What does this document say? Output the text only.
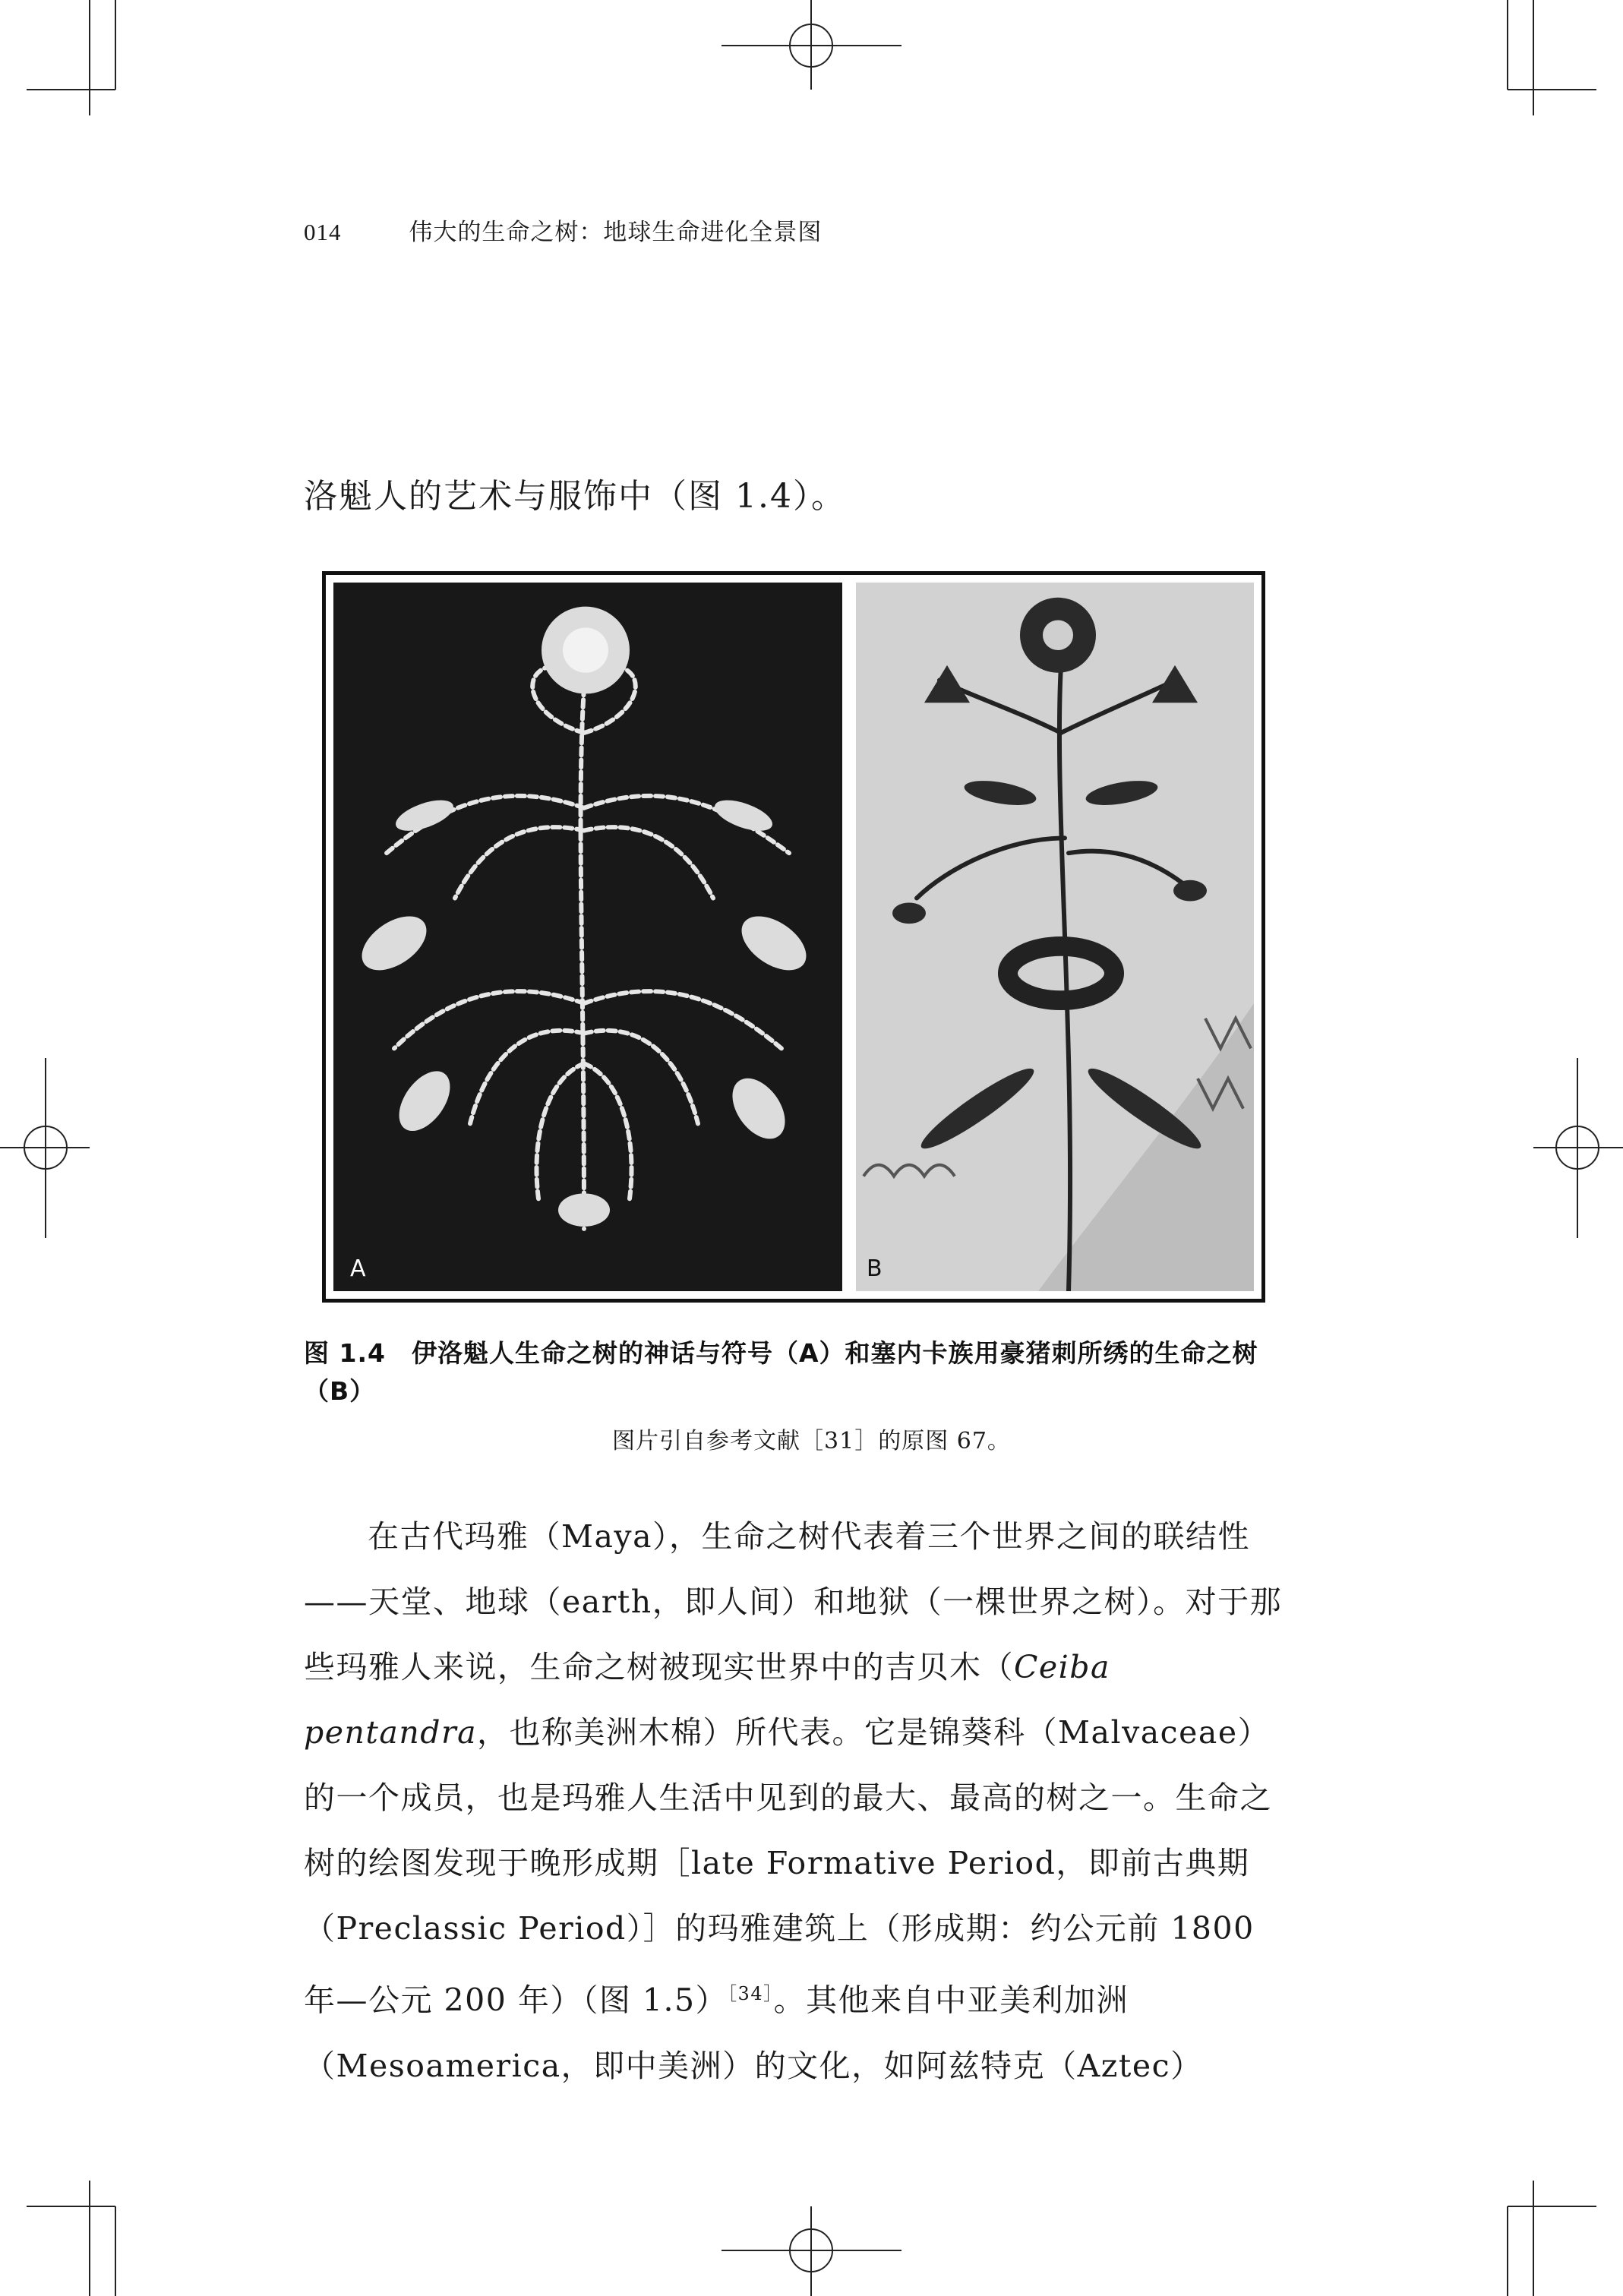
014	伟大的生命之树：地球生命进化全景图
洛魁人的艺术与服饰中（图 1.4）。
A	B
图 1.4　伊洛魁人生命之树的神话与符号（A）和塞内卡族用豪猪刺所绣的生命之树（B）
图片引自参考文献［31］的原图 67。

在古代玛雅（Maya），生命之树代表着三个世界之间的联结性——天堂、地球（earth，即人间）和地狱（一棵世界之树）。对于那些玛雅人来说，生命之树被现实世界中的吉贝木（Ceiba pentandra，也称美洲木棉）所代表。它是锦葵科（Malvaceae）的一个成员，也是玛雅人生活中见到的最大、最高的树之一。生命之树的绘图发现于晚形成期［late Formative Period，即前古典期（Preclassic Period）］的玛雅建筑上（形成期：约公元前 1800 年—公元 200 年）（图 1.5）$^{[34]}$。其他来自中亚美利加洲（Mesoamerica，即中美洲）的文化，如阿兹特克（Aztec）
